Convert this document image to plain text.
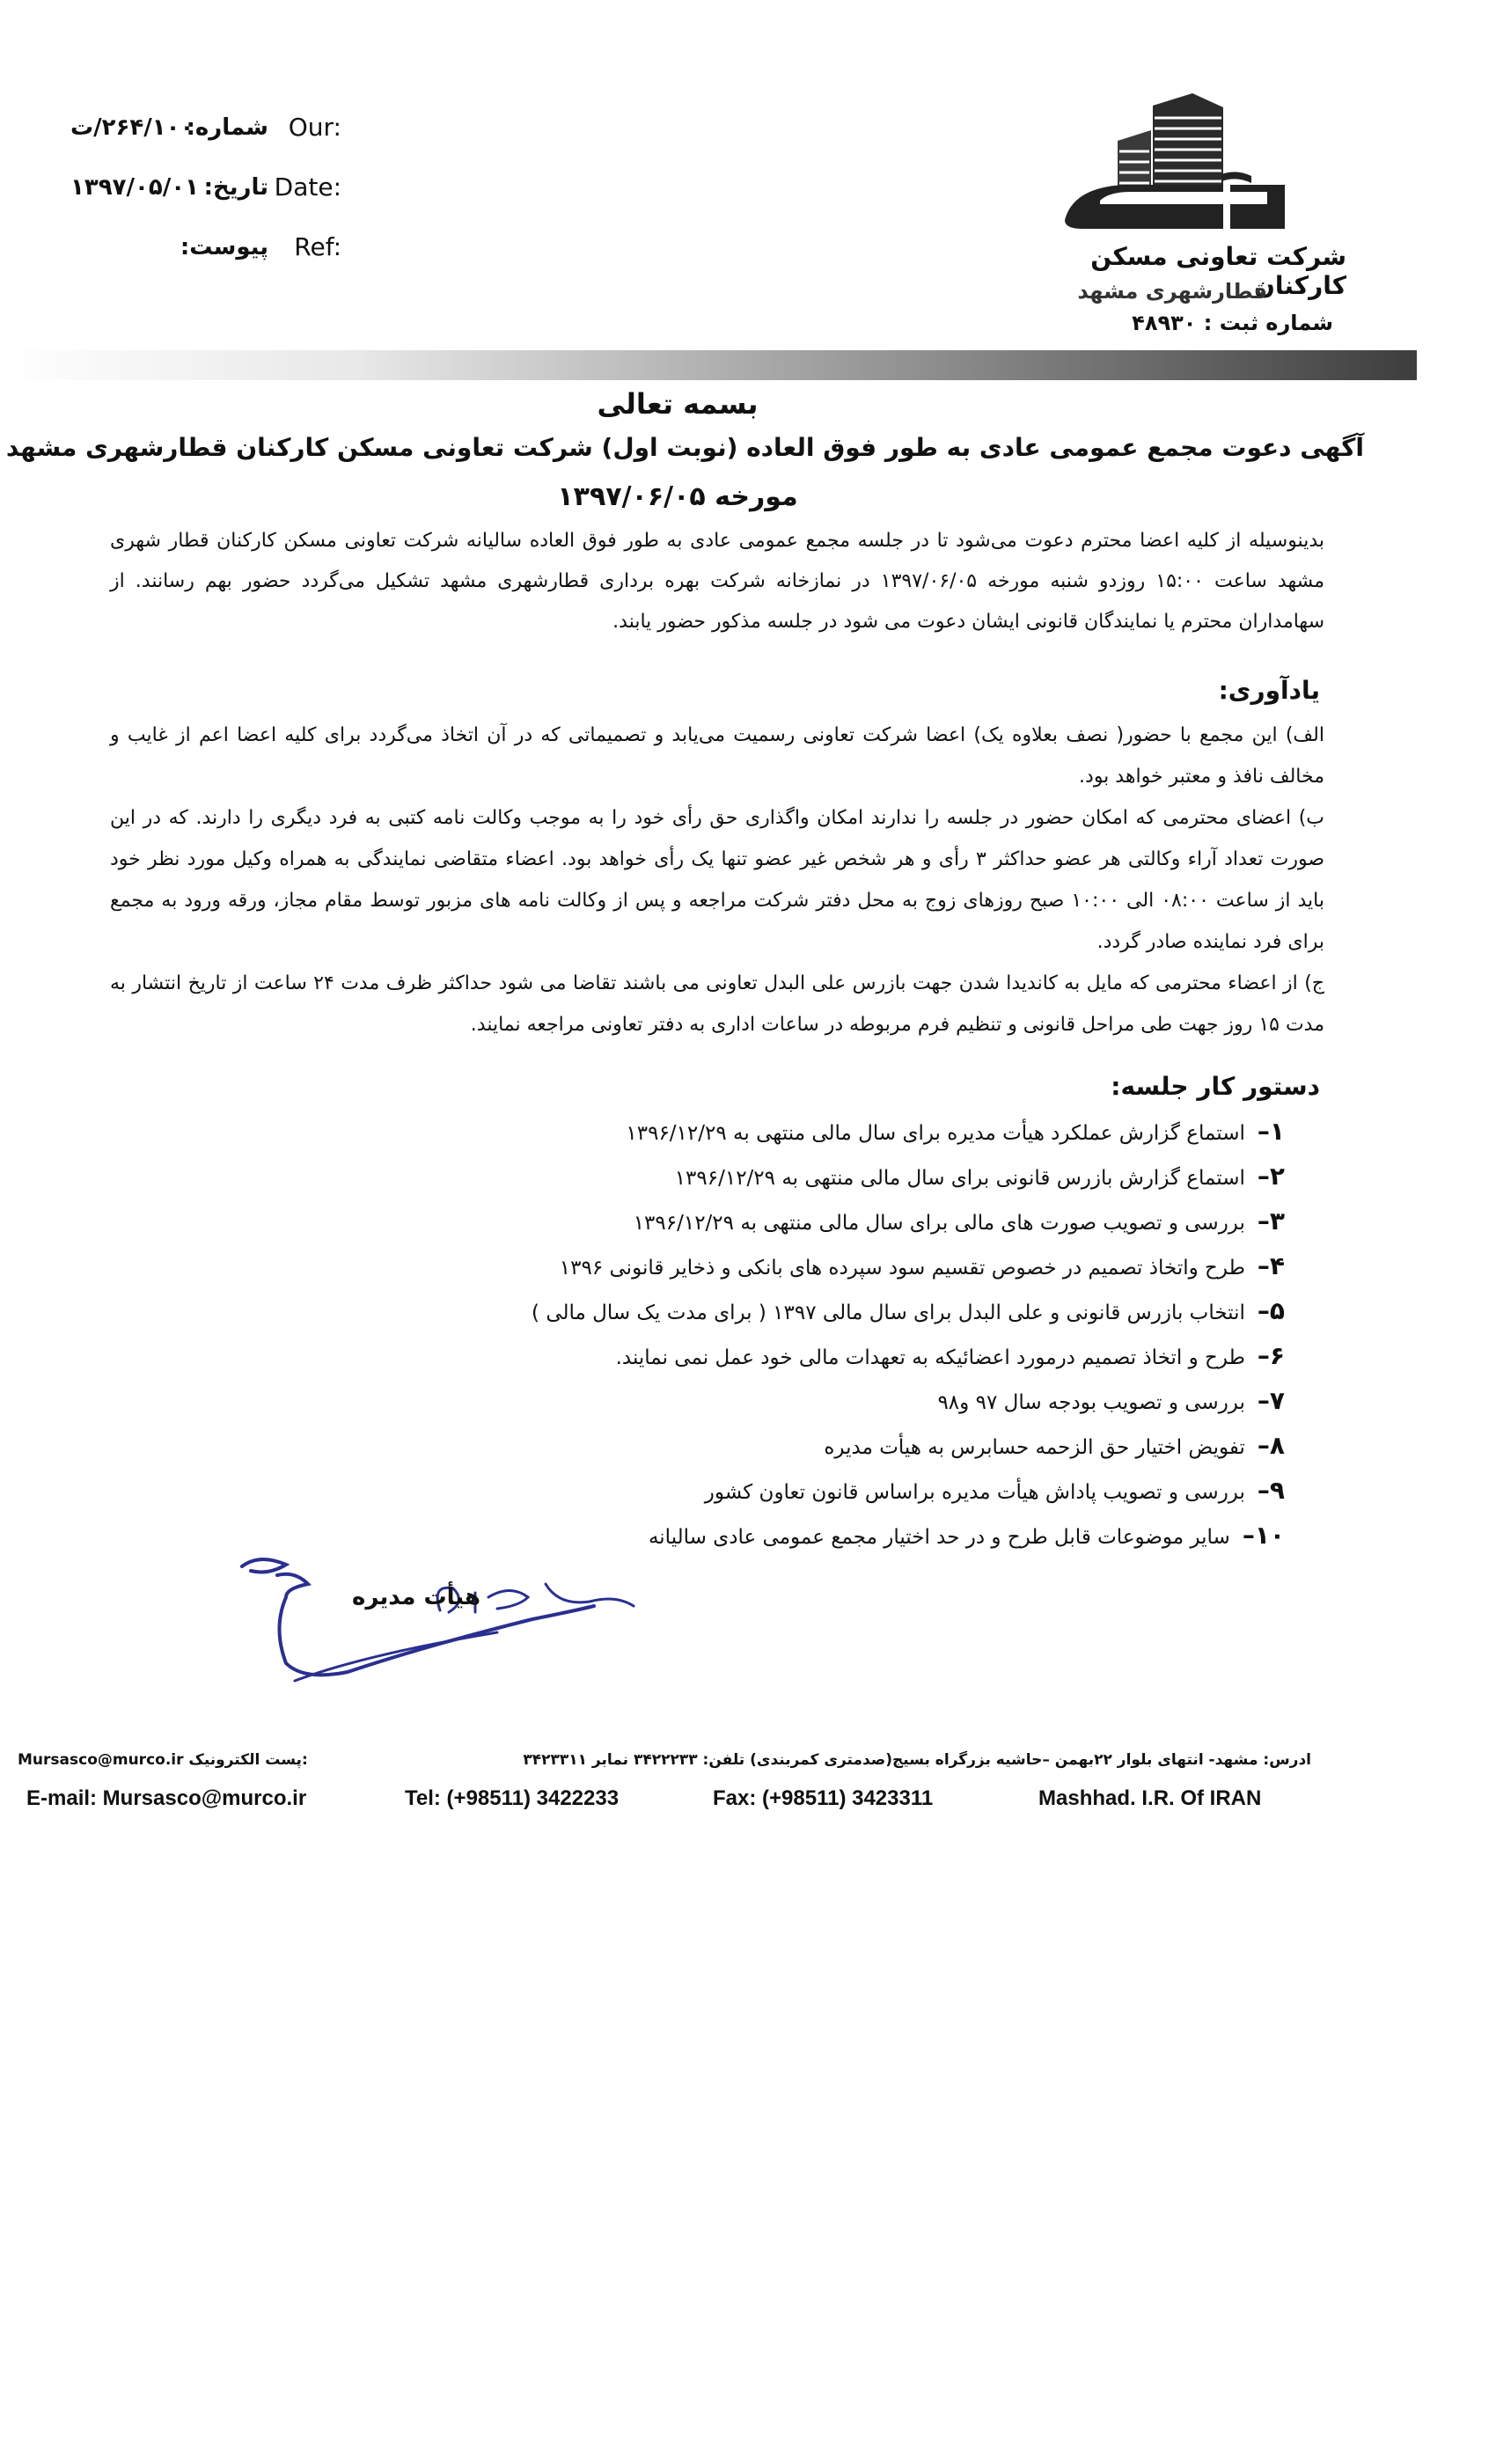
۲۶۴/۱۰۰/ت
شماره: Our:
۱۳۹۷/۰۵/۰۱ تاریخ: Date:
پیوست: Ref:	شرکت تعاونی مسکن کارکنان
قطارشهری مشهد
شماره ثبت : ۴۸۹۳۰
بسمه تعالی
آگهی دعوت مجمع عمومی عادی به طور فوق العاده (نوبت اول) شرکت تعاونی مسکن کارکنان قطارشهری مشهد
مورخه ۱۳۹۷/۰۶/۰۵
بدینوسیله از کلیه اعضا محترم دعوت می‌شود تا در جلسه مجمع عمومی عادی به طور فوق العاده سالیانه شرکت تعاونی مسکن کارکنان قطار شهری مشهد ساعت ۱۵:۰۰ روزدو شنبه مورخه ۱۳۹۷/۰۶/۰۵ در نمازخانه شرکت بهره برداری قطارشهری مشهد تشکیل می‌گردد حضور بهم رسانند. از سهامداران محترم یا نمایندگان قانونی ایشان دعوت می شود در جلسه مذکور حضور یابند.
یادآوری:

الف) این مجمع با حضور( نصف بعلاوه یک) اعضا شرکت تعاونی رسمیت می‌یابد و تصمیماتی که در آن اتخاذ می‌گردد برای کلیه اعضا اعم از غایب و مخالف نافذ و معتبر خواهد بود.

ب) اعضای محترمی که امکان حضور در جلسه را ندارند امکان واگذاری حق رأی خود را به موجب وکالت نامه کتبی به فرد دیگری را دارند. که در این صورت تعداد آراء وکالتی هر عضو حداکثر ۳ رأی و هر شخص غیر عضو تنها یک رأی خواهد بود. اعضاء متقاضی نمایندگی به همراه وکیل مورد نظر خود باید از ساعت ۰۸:۰۰ الی ۱۰:۰۰ صبح روزهای زوج به محل دفتر شرکت مراجعه و پس از وکالت نامه های مزبور توسط مقام مجاز، ورقه ورود به مجمع برای فرد نماینده صادر گردد.

ج) از اعضاء محترمی که مایل به کاندیدا شدن جهت بازرس علی البدل تعاونی می باشند تقاضا می شود حداکثر ظرف مدت ۲۴ ساعت از تاریخ انتشار به مدت ۱۵ روز جهت طی مراحل قانونی و تنظیم فرم مربوطه در ساعات اداری به دفتر تعاونی مراجعه نمایند.

دستور کار جلسه:
۱–استماع گزارش عملکرد هیأت مدیره برای سال مالی منتهی به ۱۳۹۶/۱۲/۲۹
۲–استماع گزارش بازرس قانونی برای سال مالی منتهی به ۱۳۹۶/۱۲/۲۹
۳–بررسی و تصویب صورت های مالی برای سال مالی منتهی به ۱۳۹۶/۱۲/۲۹
۴–طرح واتخاذ تصمیم در خصوص تقسیم سود سپرده های بانکی و ذخایر قانونی ۱۳۹۶
۵–انتخاب بازرس قانونی و علی البدل برای سال مالی ۱۳۹۷ ( برای مدت یک سال مالی )
۶–طرح و اتخاذ تصمیم درمورد اعضائیکه به تعهدات مالی خود عمل نمی نمایند.
۷–بررسی و تصویب بودجه سال ۹۷ و۹۸
۸–تفویض اختیار حق الزحمه حسابرس به هیأت مدیره
۹–بررسی و تصویب پاداش هیأت مدیره براساس قانون تعاون کشور
۱۰–سایر موضوعات قابل طرح و در حد اختیار مجمع عمومی عادی سالیانه
هیأت مدیره
ادرس: مشهد- انتهای بلوار ۲۲بهمن –حاشیه بزرگراه بسیج(صدمتری کمربندی) تلفن: ۳۴۲۲۲۳۳ نمابر ۳۴۲۳۳۱۱
Mursasco@murco.ir پست الکترونیک:
E-mail: Mursasco@murco.ir	Tel: (+98511) 3422233	Fax: (+98511) 3423311	Mashhad. I.R. Of IRAN
